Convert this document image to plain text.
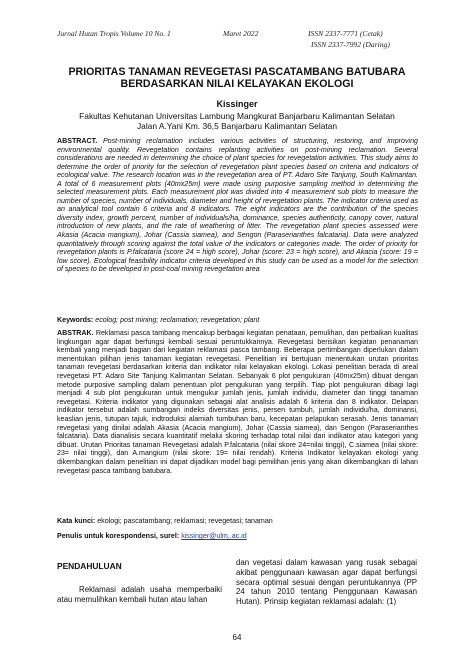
Jurnal Hutan Tropis Volume 10 No. 1	Maret 2022	ISSN 2337-7771 (Cetak)
ISSN 2337-7992 (Daring)
PRIORITAS TANAMAN REVEGETASI PASCATAMBANG BATUBARA
BERDASARKAN NILAI KELAYAKAN EKOLOGI
Kissinger
Fakultas Kehutanan Universitas Lambung Mangkurat Banjarbaru Kalimantan Selatan
Jalan A.Yani Km. 36,5 Banjarbaru Kalimantan Selatan

ABSTRACT. Post-mining reclamation includes various activities of structuring, restoring, and improving environmental quality. Revegetation contains replanting activities on post-mining reclamation. Several considerations are needed in determining the choice of plant species for revegetation activities. This study aims to determine the order of priority for the selection of revegetation plant species based on criteria and indicators of ecological value. The research location was in the revegetation area of PT. Adaro Site Tanjung, South Kalimantan. A total of 6 measurement plots (40mx25m) were made using purposive sampling method in determining the selected measurement plots. Each measurement plot was divided into 4 measurement sub plots to measure the number of species, number of individuals, diameter and height of revegetation plants. The indicator criteria used as an analytical tool contain 6 criteria and 8 indicators. The eight indicators are the contribution of the species diversity index, growth percent, number of individuals/ha, dominance, species authenticity, canopy cover, natural introduction of new plants, and the rate of weathering of litter. The revegetation plant species assessed were Akasia (Acacia mangium), Johar (Cassia siamea), and Sengon (Paraserianthes falcataria). Data were analyzed quantitatively through scoring against the total value of the indicators or categories made. The order of priority for revegetation plants is P.falcataria (score 24 = high score), Johar (score: 23 = high score), and Akacia (score: 19 = low score). Ecological feasibility indicator criteria developed in this study can be used as a model for the selection of species to be developed in post-coal mining revegetation area

Keywords: ecolog; post mining; reclamation; revegetation; plant

ABSTRAK. Reklamasi pasca tambang mencakup berbagai kegiatan penataan, pemulihan, dan perbaikan kualitas lingkungan agar dapat berfungsi kembali sesuai peruntukkannya. Revegetasi berisikan kegiatan penanaman kembali yang menjadi bagian dari kegiatan reklamasi pasca tambang. Beberapa pertimbangan diperlukan dalam menentukan pilihan jenis tanaman kegiatan revegetasi. Penelitian ini bertujuan menentukan urutan prioritas tanaman revegetasi berdasarkan kriteria dan indikator nilai kelayakan ekologi. Lokasi penelitian berada di areal revegetasi PT. Adaro Site Tanjung Kalimantan Selatan. Sebanyak 6 plot pengukuran (40mx25m) dibuat dengan metode purposive sampling dalam penentuan plot pengukuran yang terpilih. Tiap plot pengukuran dibagi lagi menjadi 4 sub plot pengukuran untuk mengukur jumlah jenis, jumlah individu, diameter dan tinggi tanaman revegetasi. Kriteria indikator yang digunakan sebagai alat analisis adalah 6 kriteria dan 8 indikator. Delapan indikator tersebut adalah sumbangan indeks diversitas jenis, persen tumbuh, jumlah individu/ha, dominansi, keaslian jenis, tutupan tajuk, indtroduksi alamiah tumbuhan baru, kecepatan pelapukan serasah. Jenis tanaman revegetasi yang dinilai adalah Akasia (Acacia mangium), Johar (Cassia siamea), dan Sengon (Paraserianthes falcataria). Data dianalisis secara kuantitatif melalui skoring terhadap total nilai dari indikator atau kategori yang dibuat. Urutan Prioritas tanaman Revegetasi adalah P.falcataria (nilai skore 24=nilai tinggi), C.siamea (nilai skore: 23= nilai tinggi), dan A.mangium (nilai skore: 19= nilai rendah). Kriteria Indikator kelayakan ekologi yang dikembangkan dalam penelitian ini dapat dijadikan model bagi pemilihan jenis yang akan dikembangkan di lahan revegetasi pasca tambang batubara.

Kata kunci: ekologi; pascatambang; reklamasi; revegetasi; tanaman

Penulis untuk korespondensi, surel: kissinger@ulm,.ac.id

PENDAHULUAN

Reklamasi adalah usaha memperbaiki atau memulihkan kembali hutan atau lahan

dan vegetasi dalam kawasan yang rusak sebagai akibat penggunaan kawasan agar dapat berfungsi secara optimal sesuai dengan peruntukannya (PP 24 tahun 2010 tentang Penggunaan Kawasan Hutan). Prinsip kegiatan reklamasi adalah: (1)

64
